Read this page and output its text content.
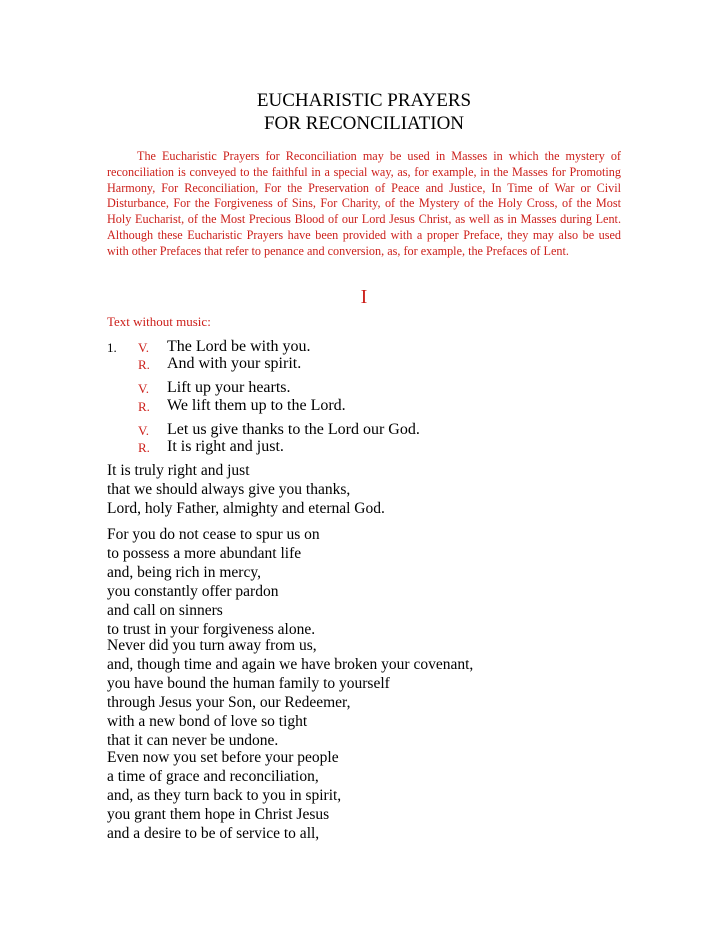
EUCHARISTIC PRAYERS
FOR RECONCILIATION
The Eucharistic Prayers for Reconciliation may be used in Masses in which the mystery of reconciliation is conveyed to the faithful in a special way, as, for example, in the Masses for Promoting Harmony, For Reconciliation, For the Preservation of Peace and Justice, In Time of War or Civil Disturbance, For the Forgiveness of Sins, For Charity, of the Mystery of the Holy Cross, of the Most Holy Eucharist, of the Most Precious Blood of our Lord Jesus Christ, as well as in Masses during Lent. Although these Eucharistic Prayers have been provided with a proper Preface, they may also be used with other Prefaces that refer to penance and conversion, as, for example, the Prefaces of Lent.
I
Text without music:
1. V. The Lord be with you.
R. And with your spirit.
V. Lift up your hearts.
R. We lift them up to the Lord.
V. Let us give thanks to the Lord our God.
R. It is right and just.
It is truly right and just
that we should always give you thanks,
Lord, holy Father, almighty and eternal God.
For you do not cease to spur us on
to possess a more abundant life
and, being rich in mercy,
you constantly offer pardon
and call on sinners
to trust in your forgiveness alone.
Never did you turn away from us,
and, though time and again we have broken your covenant,
you have bound the human family to yourself
through Jesus your Son, our Redeemer,
with a new bond of love so tight
that it can never be undone.
Even now you set before your people
a time of grace and reconciliation,
and, as they turn back to you in spirit,
you grant them hope in Christ Jesus
and a desire to be of service to all,
